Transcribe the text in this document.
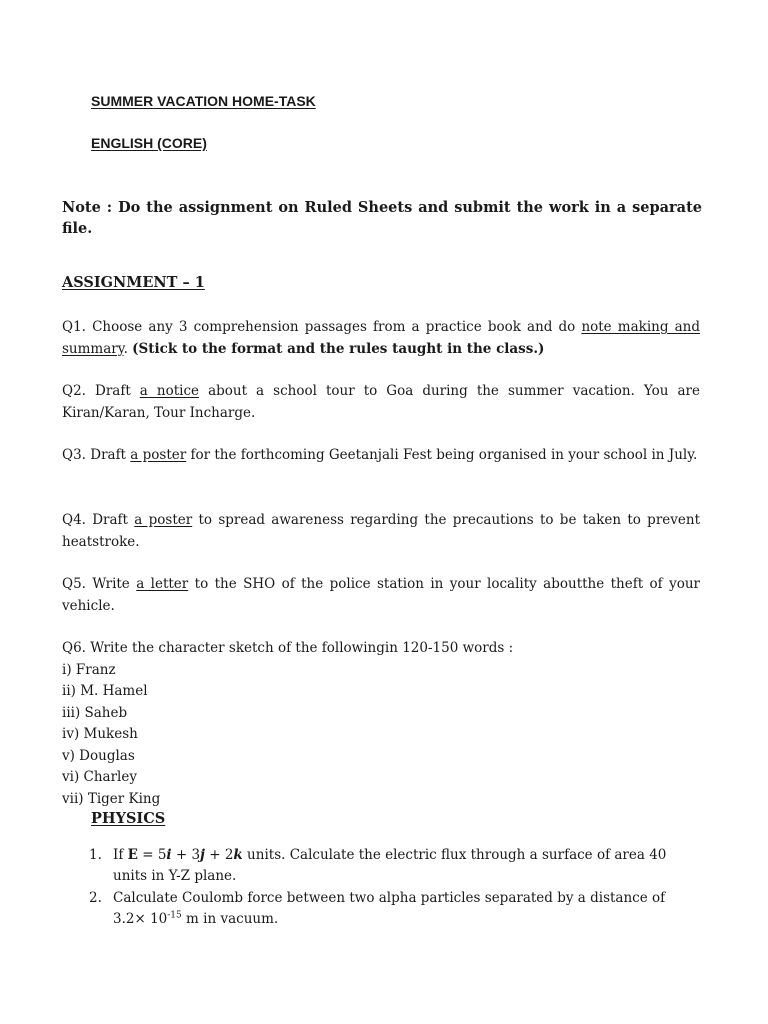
SUMMER VACATION HOME-TASK
ENGLISH (CORE)
Note : Do the assignment on Ruled Sheets and submit the work in a separate file.
ASSIGNMENT – 1
Q1. Choose any 3 comprehension passages from a practice book and do note making and summary. (Stick to the format and the rules taught in the class.)
Q2. Draft a notice about a school tour to Goa during the summer vacation. You are Kiran/Karan, Tour Incharge.
Q3. Draft a poster for the forthcoming Geetanjali Fest being organised in your school in July.
Q4. Draft a poster to spread awareness regarding the precautions to be taken to prevent heatstroke.
Q5. Write a letter to the SHO of the police station in your locality aboutthe theft of your vehicle.
Q6. Write the character sketch of the followingin 120-150 words :
i) Franz
ii) M. Hamel
iii) Saheb
iv) Mukesh
v) Douglas
vi) Charley
vii) Tiger King
PHYSICS
1. If E = 5i + 3j + 2k units. Calculate the electric flux through a surface of area 40 units in Y-Z plane.
2. Calculate Coulomb force between two alpha particles separated by a distance of $3.2\times 10^{-15}$ m in vacuum.
